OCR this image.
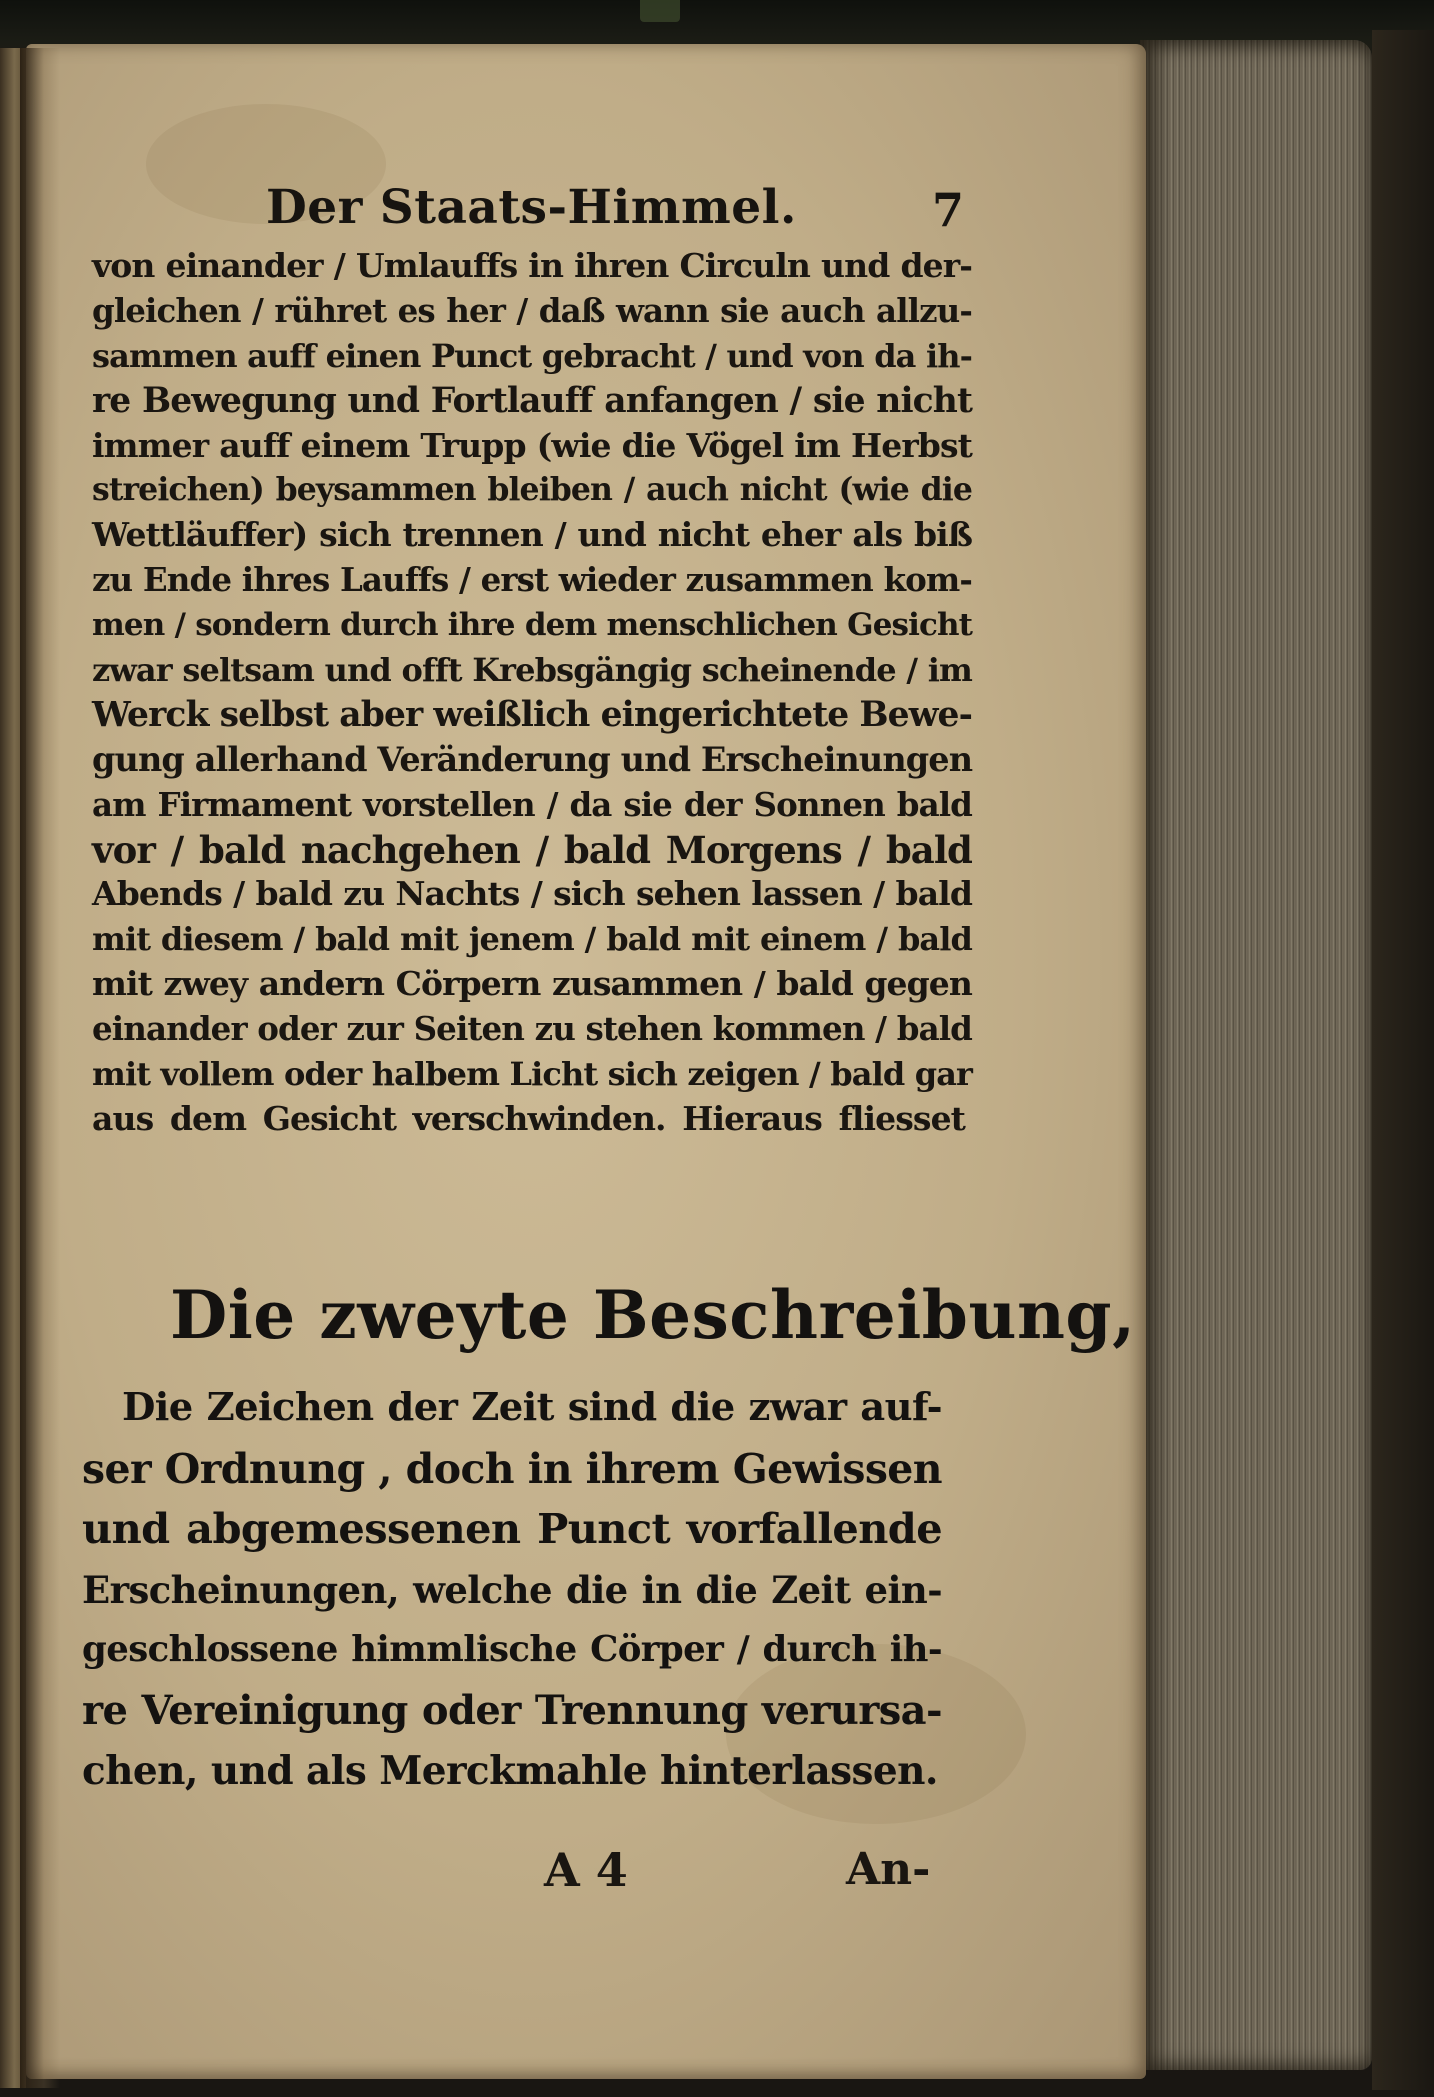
Der Staats-Himmel.	7
von einander / Umlauffs in ihren Circuln und der-
gleichen / rühret es her / daß wann sie auch allzu-
sammen auff einen Punct gebracht / und von da ih-
re Bewegung und Fortlauff anfangen / sie nicht
immer auff einem Trupp (wie die Vögel im Herbst
streichen) beysammen bleiben / auch nicht (wie die
Wettläuffer) sich trennen / und nicht eher als biß
zu Ende ihres Lauffs / erst wieder zusammen kom-
men / sondern durch ihre dem menschlichen Gesicht
zwar seltsam und offt Krebsgängig scheinende / im
Werck selbst aber weißlich eingerichtete Bewe-
gung allerhand Veränderung und Erscheinungen
am Firmament vorstellen / da sie der Sonnen bald
vor / bald nachgehen / bald Morgens / bald
Abends / bald zu Nachts / sich sehen lassen / bald
mit diesem / bald mit jenem / bald mit einem / bald
mit zwey andern Cörpern zusammen / bald gegen
einander oder zur Seiten zu stehen kommen / bald
mit vollem oder halbem Licht sich zeigen / bald gar
aus dem Gesicht verschwinden. Hieraus fliesset
Die zweyte Beschreibung,
Die Zeichen der Zeit sind die zwar auf-
ser Ordnung , doch in ihrem Gewissen
und abgemessenen Punct vorfallende
Erscheinungen, welche die in die Zeit ein-
geschlossene himmlische Cörper / durch ih-
re Vereinigung oder Trennung verursa-
chen, und als Merckmahle hinterlassen.
A 4	An-
